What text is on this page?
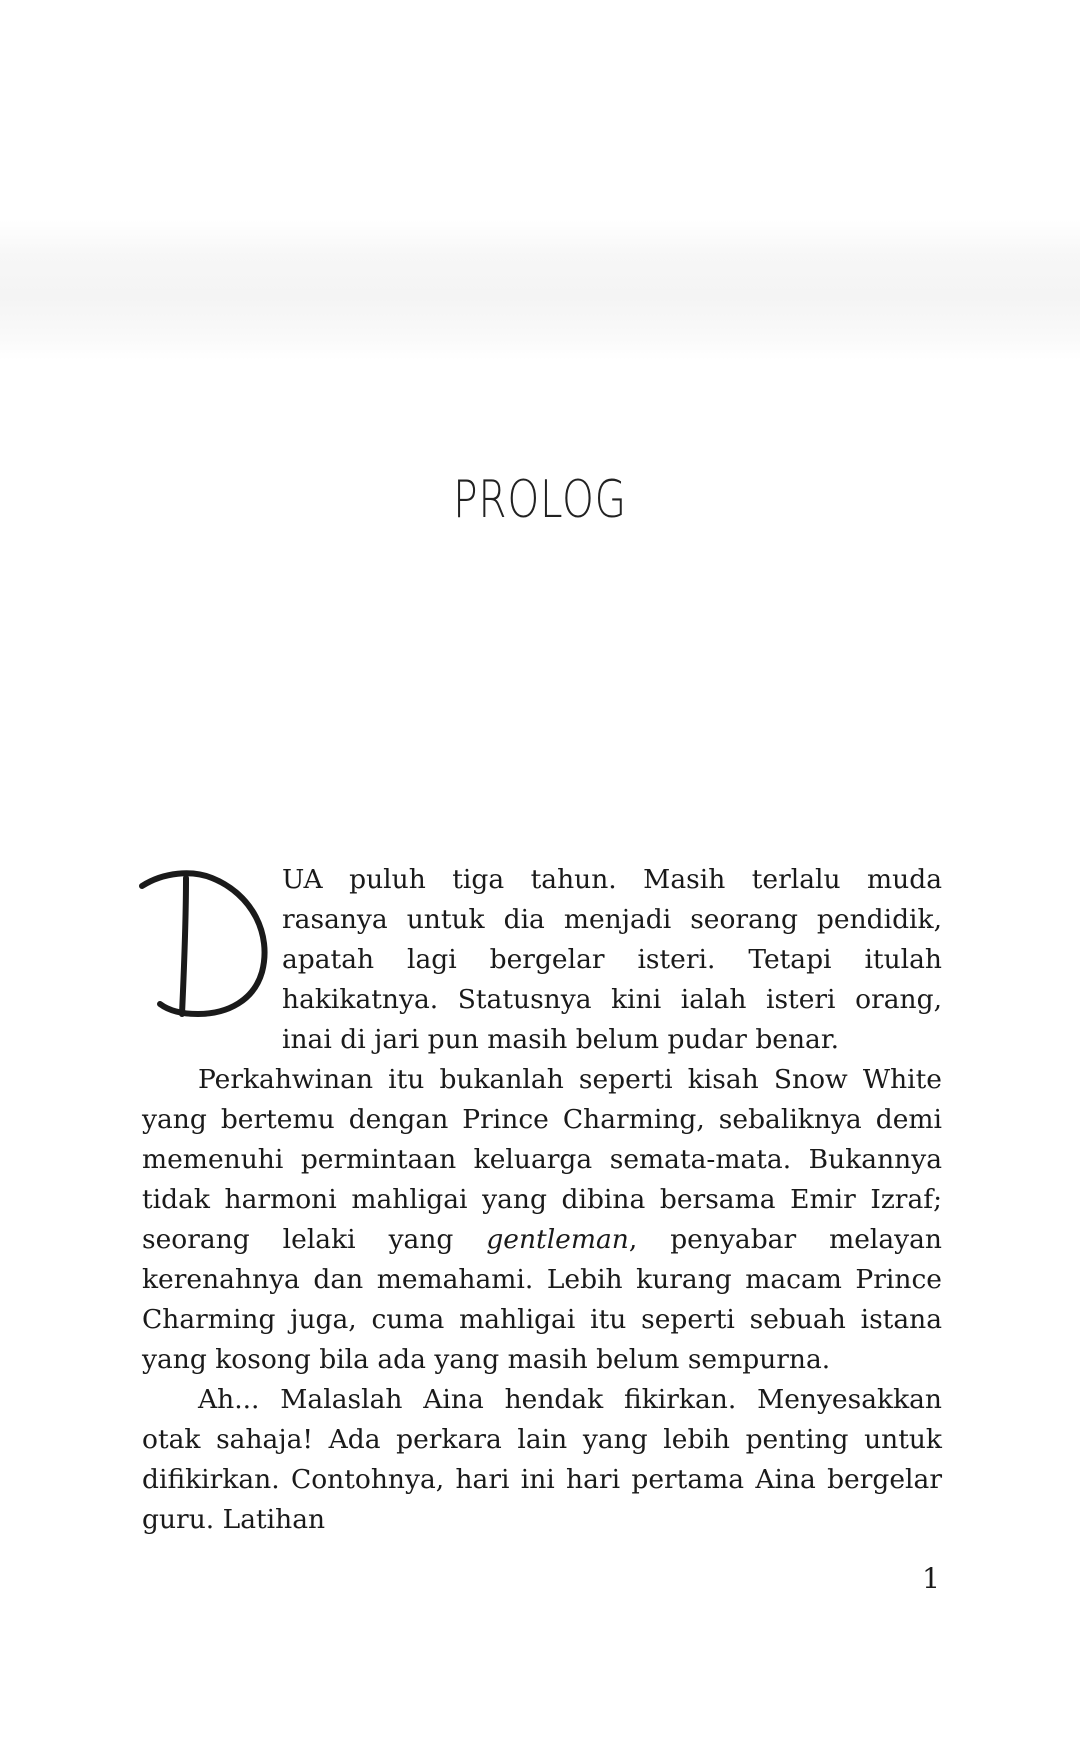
PROLOG

UA puluh tiga tahun. Masih terlalu muda rasanya untuk dia menjadi seorang pendidik, apatah lagi bergelar isteri. Tetapi itulah hakikatnya. Statusnya kini ialah isteri orang, inai di jari pun masih belum pudar benar.

Perkahwinan itu bukanlah seperti kisah Snow White yang bertemu dengan Prince Charming, sebaliknya demi memenuhi permintaan keluarga semata-mata. Bukannya tidak harmoni mahligai yang dibina bersama Emir Izraf; seorang lelaki yang gentleman, penyabar melayan kerenahnya dan memahami. Lebih kurang macam Prince Charming juga, cuma mahligai itu seperti sebuah istana yang kosong bila ada yang masih belum sempurna.

Ah... Malaslah Aina hendak fikirkan. Menyesakkan otak sahaja! Ada perkara lain yang lebih penting untuk difikirkan. Contohnya, hari ini hari pertama Aina bergelar guru. Latihan

1
